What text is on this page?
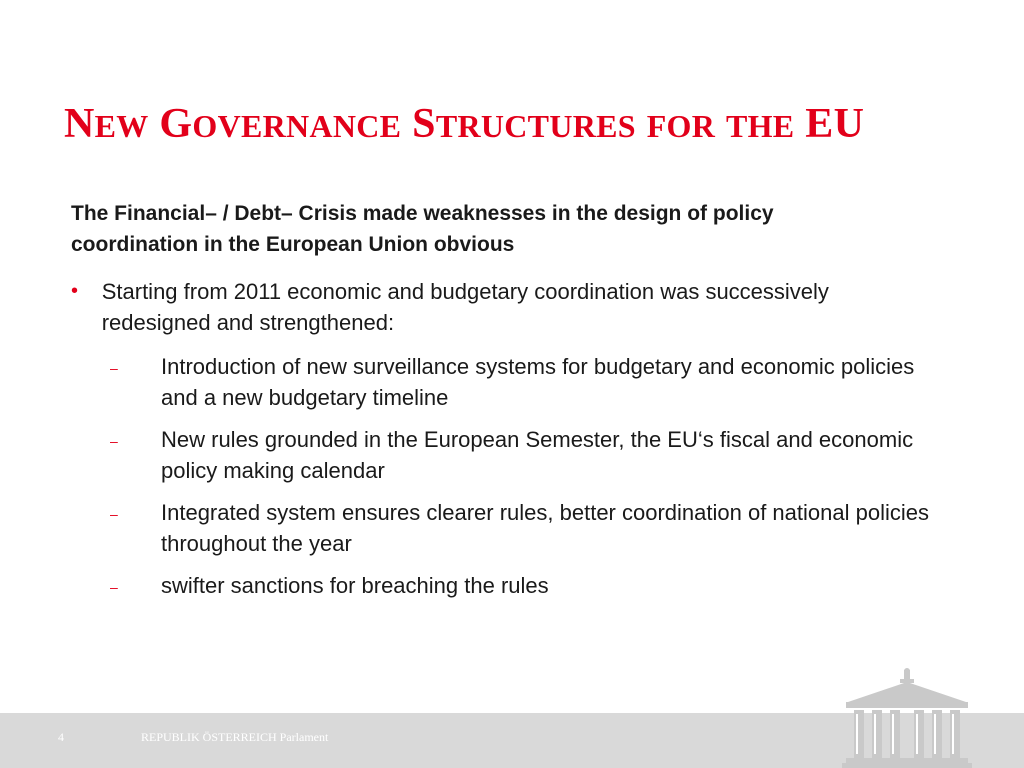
NEW GOVERNANCE STRUCTURES FOR THE EU

The Financial– / Debt– Crisis made weaknesses in the design of policy coordination in the European Union obvious

•	Starting from 2011 economic and budgetary coordination was successively redesigned and strengthened:
–	Introduction of new surveillance systems for budgetary and economic policies and a new budgetary timeline
–	New rules grounded in the European Semester, the EU‘s fiscal and economic policy making calendar
–	Integrated system ensures clearer rules, better coordination of national policies throughout the year
–	swifter sanctions for breaching the rules
4	REPUBLIK ÖSTERREICH Parlament
